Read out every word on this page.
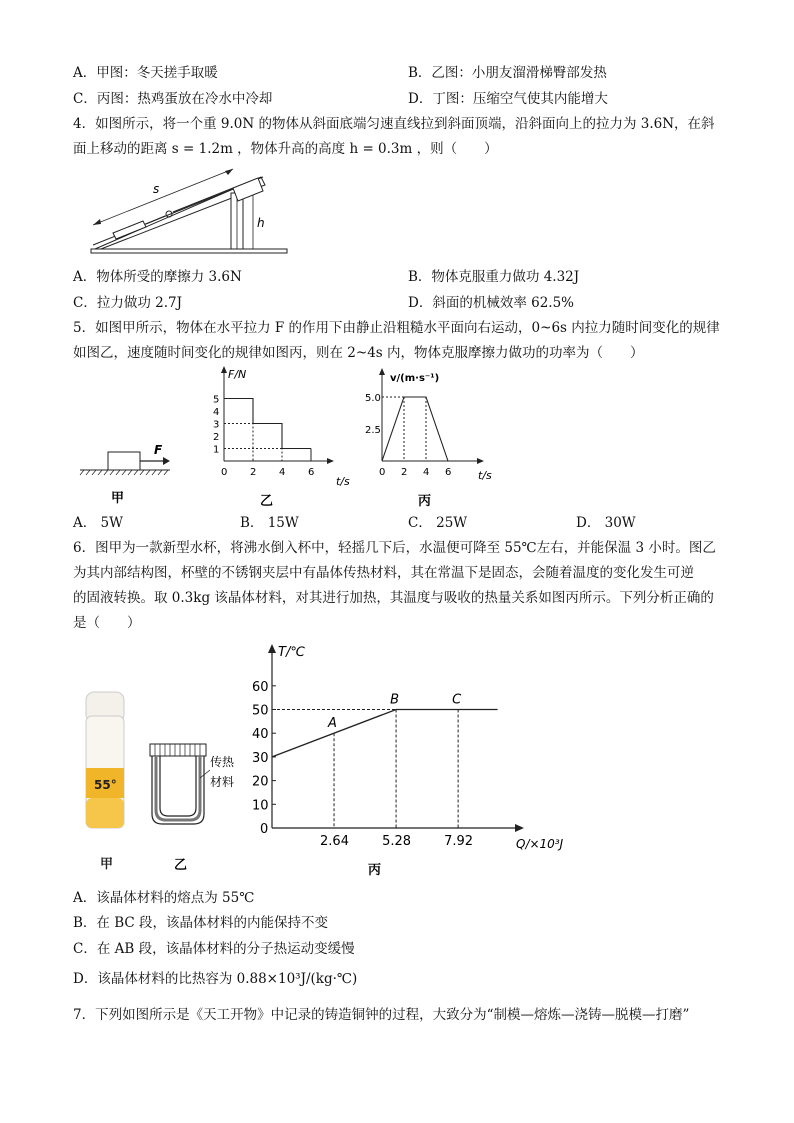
A．甲图：冬天搓手取暖	B．乙图：小朋友溜滑梯臀部发热
C．丙图：热鸡蛋放在冷水中冷却	D．丁图：压缩空气使其内能增大
4．如图所示，将一个重 9.0N 的物体从斜面底端匀速直线拉到斜面顶端，沿斜面向上的拉力为 3.6N，在斜
面上移动的距离 s = 1.2m ，物体升高的高度 h = 0.3m ，则（　　）
h
s
A．物体所受的摩擦力 3.6N	B．物体克服重力做功 4.32J
C．拉力做功 2.7J	D．斜面的机械效率 62.5%
5．如图甲所示，物体在水平拉力 F 的作用下由静止沿粗糙水平面向右运动，0~6s 内拉力随时间变化的规律
如图乙，速度随时间变化的规律如图丙，则在 2~4s 内，物体克服摩擦力做功的功率为（　　）
F
甲
F/N
t/s
1
2
3
4
5
0 2 4 6
乙
v/(m·s⁻¹)
t/s
2.5
5.0
0 2 4 6
丙
A． 5W	B． 15W	C． 25W	D． 30W
6．图甲为一款新型水杯，将沸水倒入杯中，轻摇几下后，水温便可降至 55℃左右，并能保温 3 小时。图乙
为其内部结构图，杯壁的不锈钢夹层中有晶体传热材料，其在常温下是固态，会随着温度的变化发生可逆
的固液转换。取 0.3kg 该晶体材料，对其进行加热，其温度与吸收的热量关系如图丙所示。下列分析正确的
是（　　）
55°
甲
传热
材料
乙
T/℃
Q/×10³J
0
10
20
30
40
50
60
2.64	5.28	7.92
A
B	C
丙
A．该晶体材料的熔点为 55℃
B．在 BC 段，该晶体材料的内能保持不变
C．在 AB 段，该晶体材料的分子热运动变缓慢
D．该晶体材料的比热容为 0.88×10³J/(kg·℃)
7．下列如图所示是《天工开物》中记录的铸造铜钟的过程，大致分为“制模—熔炼—浇铸—脱模—打磨”
